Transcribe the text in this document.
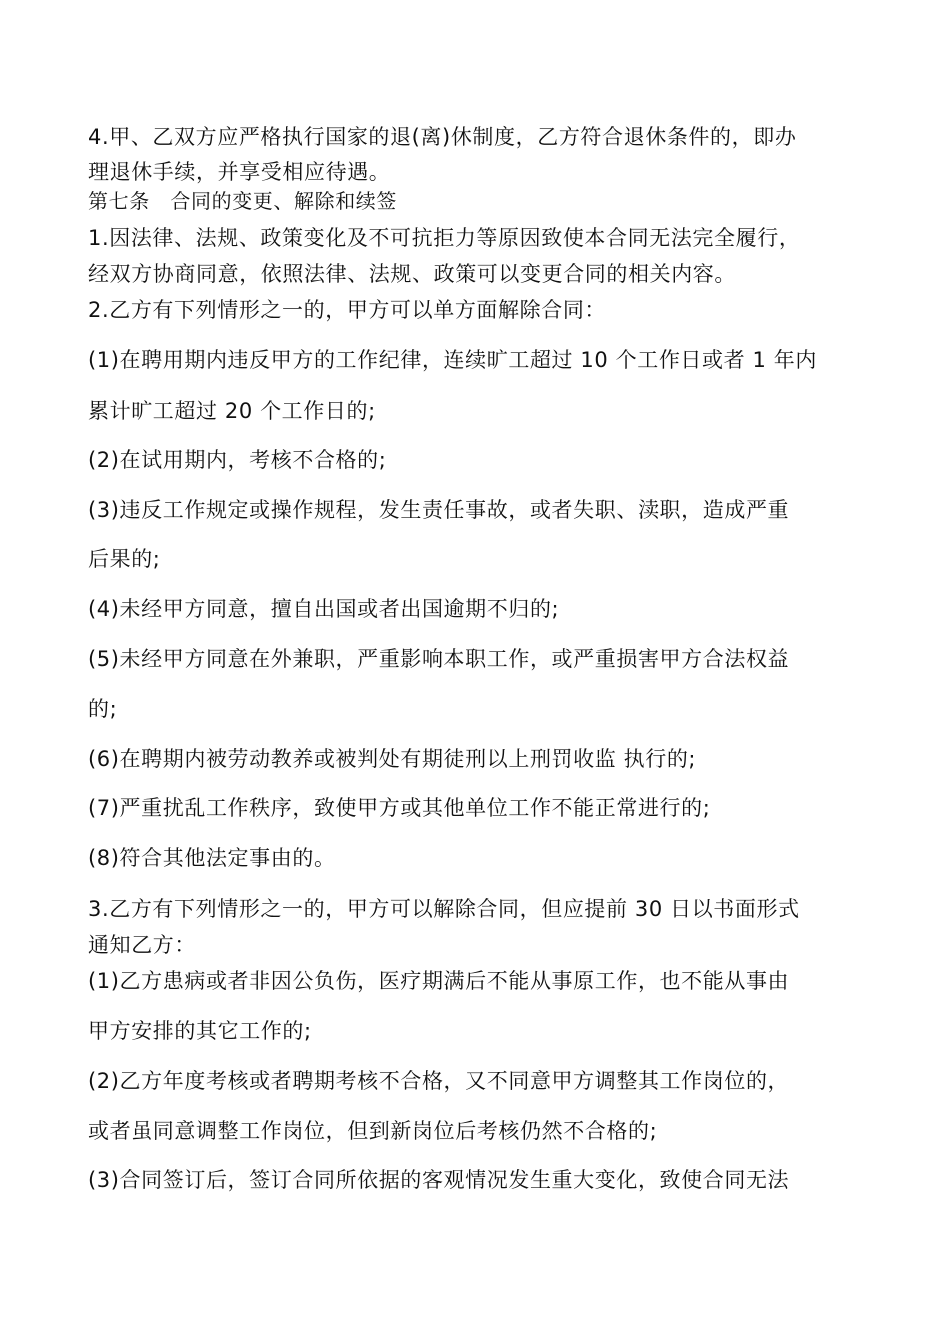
4.甲、乙双方应严格执行国家的退(离)休制度，乙方符合退休条件的，即办

理退休手续，并享受相应待遇。

第七条　合同的变更、解除和续签

1.因法律、法规、政策变化及不可抗拒力等原因致使本合同无法完全履行，

经双方协商同意，依照法律、法规、政策可以变更合同的相关内容。

2.乙方有下列情形之一的，甲方可以单方面解除合同：

(1)在聘用期内违反甲方的工作纪律，连续旷工超过 10 个工作日或者 1 年内

累计旷工超过 20 个工作日的;

(2)在试用期内，考核不合格的;

(3)违反工作规定或操作规程，发生责任事故，或者失职、渎职，造成严重

后果的;

(4)未经甲方同意，擅自出国或者出国逾期不归的;

(5)未经甲方同意在外兼职，严重影响本职工作，或严重损害甲方合法权益

的;

(6)在聘期内被劳动教养或被判处有期徒刑以上刑罚收监 执行的;

(7)严重扰乱工作秩序，致使甲方或其他单位工作不能正常进行的;

(8)符合其他法定事由的。

3.乙方有下列情形之一的，甲方可以解除合同，但应提前 30 日以书面形式

通知乙方：

(1)乙方患病或者非因公负伤，医疗期满后不能从事原工作，也不能从事由

甲方安排的其它工作的;

(2)乙方年度考核或者聘期考核不合格，又不同意甲方调整其工作岗位的，

或者虽同意调整工作岗位，但到新岗位后考核仍然不合格的;

(3)合同签订后，签订合同所依据的客观情况发生重大变化，致使合同无法
